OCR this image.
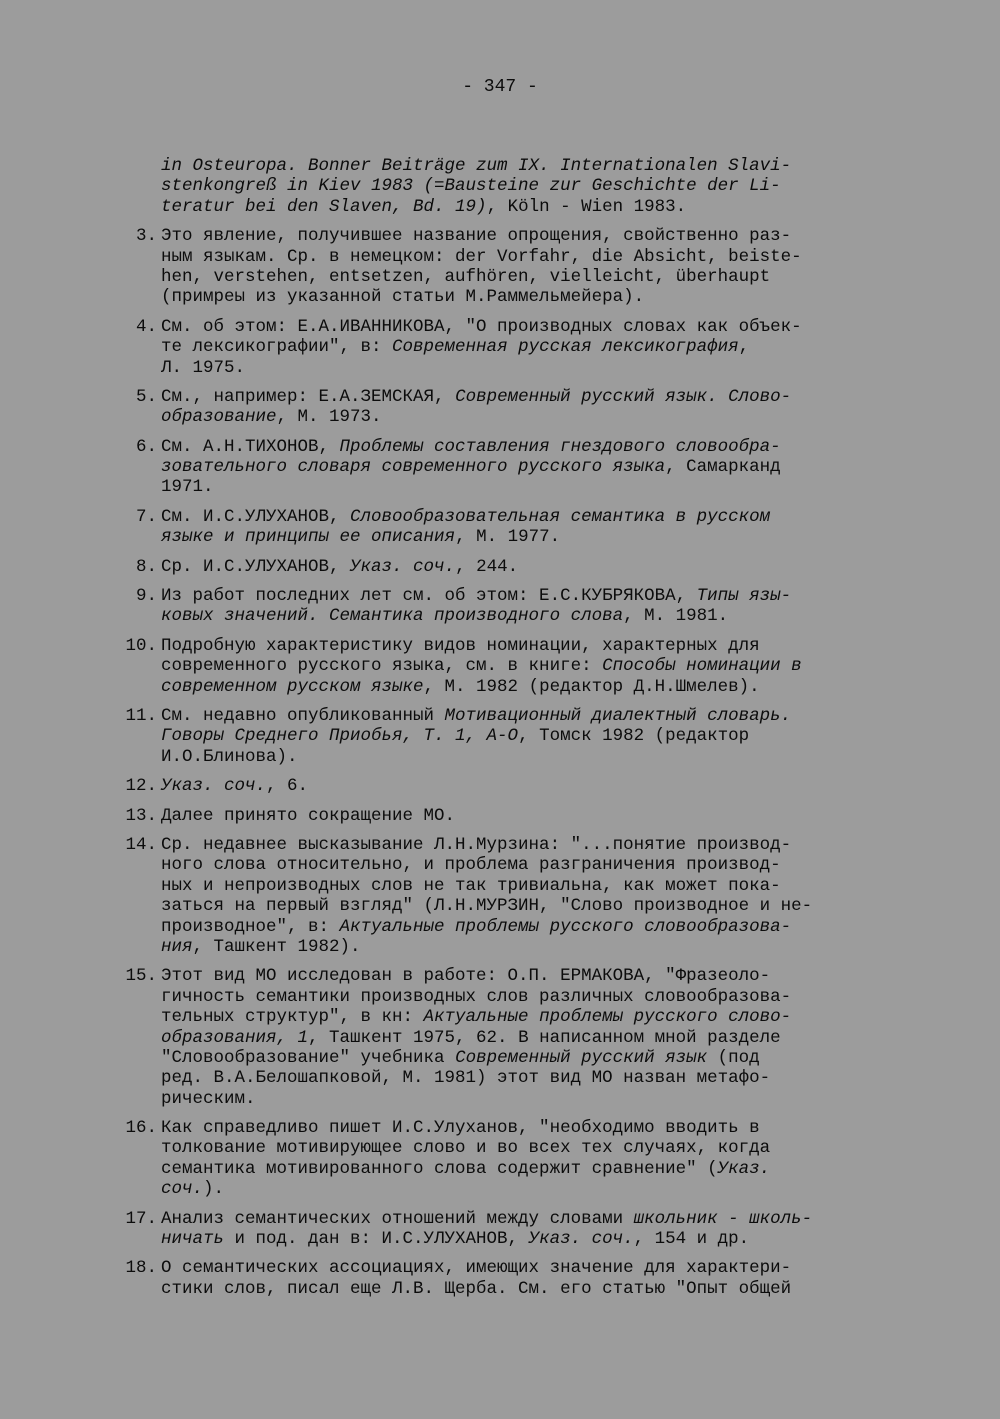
- 347 -
in Osteuropa. Bonner Beiträge zum IX. Internationalen Slavi-
stenkongreß in Kiev 1983 (=Bausteine zur Geschichte der Li-
teratur bei den Slaven, Bd. 19), Köln - Wien 1983.
3. Это явление, получившее название опрощения, свойственно раз-
ным языкам. Ср. в немецком: der Vorfahr, die Absicht, beiste-
hen, verstehen, entsetzen, aufhören, vielleicht, überhaupt
(примреы из указанной статьи М.Раммельмейера).
4. См. об этом: Е.А.ИВАННИКОВА, "О производных словах как объек-
те лексикографии", в: Современная русская лексикография,
Л. 1975.
5. См., например: Е.А.ЗЕМСКАЯ, Современный русский язык. Слово-
образование, М. 1973.
6. См. А.Н.ТИХОНОВ, Проблемы составления гнездового словообра-
зовательного словаря современного русского языка, Самарканд
1971.
7. См. И.С.УЛУХАНОВ, Словообразовательная семантика в русском
языке и принципы ее описания, М. 1977.
8. Ср. И.С.УЛУХАНОВ, Указ. соч., 244.
9. Из работ последних лет см. об этом: Е.С.КУБРЯКОВА, Типы язы-
ковых значений. Семантика производного слова, М. 1981.
10. Подробную характеристику видов номинации, характерных для
современного русского языка, см. в книге: Способы номинации в
современном русском языке, М. 1982 (редактор Д.Н.Шмелев).
11. См. недавно опубликованный Мотивационный диалектный словарь.
Говоры Среднего Приобья, Т. 1, А-О, Томск 1982 (редактор
И.О.Блинова).
12. Указ. соч., 6.
13. Далее принято сокращение МО.
14. Ср. недавнее высказывание Л.Н.Мурзина: "...понятие производ-
ного слова относительно, и проблема разграничения производ-
ных и непроизводных слов не так тривиальна, как может пока-
заться на первый взгляд" (Л.Н.МУРЗИН, "Слово производное и не-
производное", в: Актуальные проблемы русского словообразова-
ния, Ташкент 1982).
15. Этот вид МО исследован в работе: О.П. ЕРМАКОВА, "Фразеоло-
гичность семантики производных слов различных словообразова-
тельных структур", в кн: Актуальные проблемы русского слово-
образования, 1, Ташкент 1975, 62. В написанном мной разделе
"Словообразование" учебника Современный русский язык (под
ред. В.А.Белошапковой, М. 1981) этот вид МО назван метафо-
рическим.
16. Как справедливо пишет И.С.Улуханов, "необходимо вводить в
толкование мотивирующее слово и во всех тех случаях, когда
семантика мотивированного слова содержит сравнение" (Указ.
соч.).
17. Анализ семантических отношений между словами школьник - школь-
ничать и под. дан в: И.С.УЛУХАНОВ, Указ. соч., 154 и др.
18. О семантических ассоциациях, имеющих значение для характери-
стики слов, писал еще Л.В. Щерба. См. его статью "Опыт общей
